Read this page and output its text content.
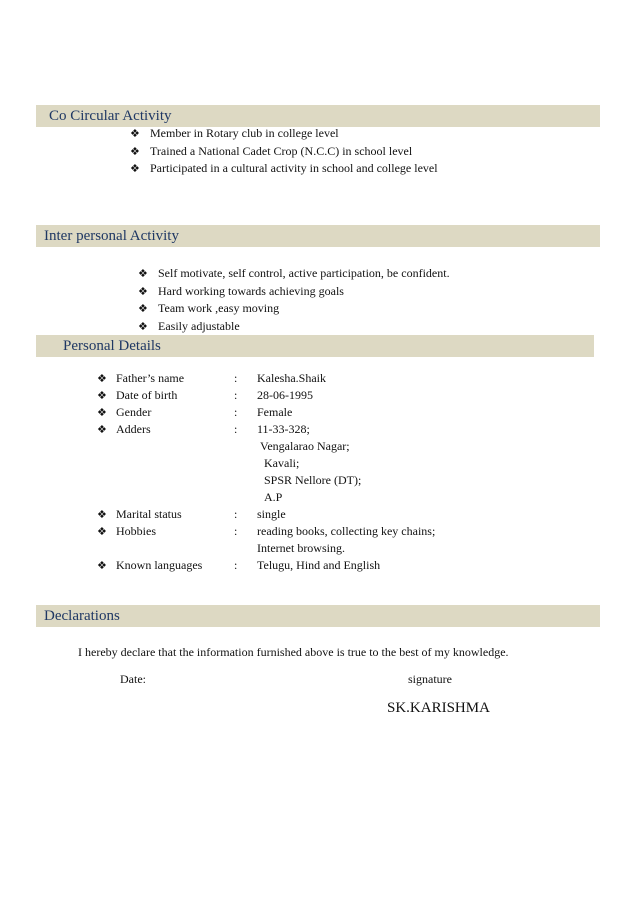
Co Circular Activity
❖ Member in Rotary club in college level
❖ Trained a National Cadet Crop (N.C.C) in school level
❖ Participated in a cultural activity in school and college level
Inter personal Activity
❖ Self motivate, self control, active participation, be confident.
❖ Hard working towards achieving goals
❖ Team work ,easy moving
❖ Easily adjustable
Personal Details
❖ Father’s name	: Kalesha.Shaik
❖ Date of birth	: 28-06-1995
❖ Gender	: Female
❖ Adders	: 11-33-328;
Vengalarao Nagar;
Kavali;
SPSR Nellore (DT);
A.P
❖ Marital status	: single
❖ Hobbies	: reading books, collecting key chains;
Internet browsing.
❖ Known languages	: Telugu, Hind and English
Declarations
I hereby declare that the information furnished above is true to the best of my knowledge.
Date:	signature
SK.KARISHMA
